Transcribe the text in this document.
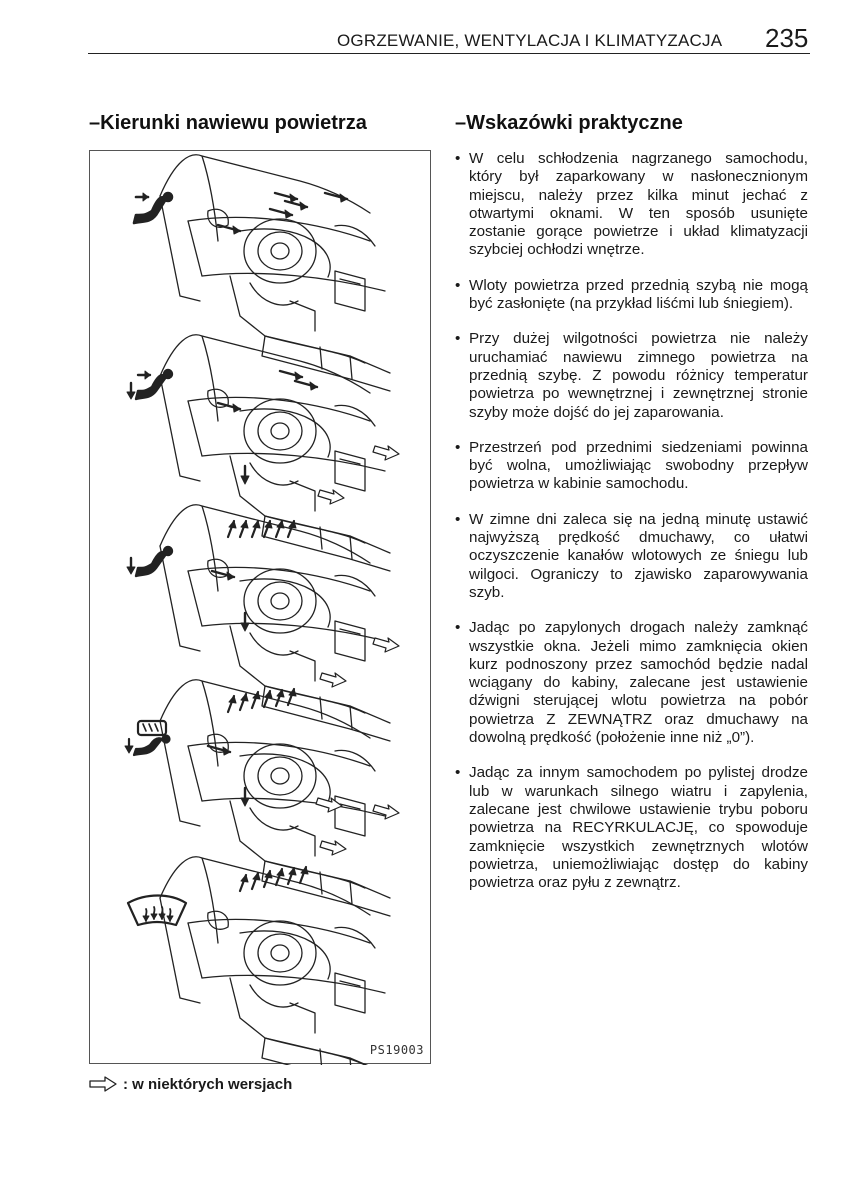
OGRZEWANIE, WENTYLACJA I KLIMATYZACJA 235
–Kierunki nawiewu powietrza
PS19003
: w niektórych wersjach
–Wskazówki praktyczne
• W celu schłodzenia nagrzanego samochodu, który był zaparkowany w nasłonecznionym miejscu, należy przez kilka minut jechać z otwartymi oknami. W ten sposób usunięte zostanie gorące powietrze i układ klimatyzacji szybciej ochłodzi wnętrze.
• Wloty powietrza przed przednią szybą nie mogą być zasłonięte (na przykład liśćmi lub śniegiem).
• Przy dużej wilgotności powietrza nie należy uruchamiać nawiewu zimnego powietrza na przednią szybę. Z powodu różnicy temperatur powietrza po wewnętrznej i zewnętrznej stronie szyby może dojść do jej zaparowania.
• Przestrzeń pod przednimi siedzeniami powinna być wolna, umożliwiając swobodny przepływ powietrza w kabinie samochodu.
• W zimne dni zaleca się na jedną minutę ustawić najwyższą prędkość dmuchawy, co ułatwi oczyszczenie kanałów wlotowych ze śniegu lub wilgoci. Ograniczy to zjawisko zaparowywania szyb.
• Jadąc po zapylonych drogach należy zamknąć wszystkie okna. Jeżeli mimo zamknięcia okien kurz podnoszony przez samochód będzie nadal wciągany do kabiny, zalecane jest ustawienie dźwigni sterującej wlotu powietrza na pobór powietrza Z ZEWNĄTRZ oraz dmuchawy na dowolną prędkość (położenie inne niż „0”).
• Jadąc za innym samochodem po pylistej drodze lub w warunkach silnego wiatru i zapylenia, zalecane jest chwilowe ustawienie trybu poboru powietrza na RECYRKULACJĘ, co spowoduje zamknięcie wszystkich zewnętrznych wlotów powietrza, uniemożliwiając dostęp do kabiny powietrza oraz pyłu z zewnątrz.
